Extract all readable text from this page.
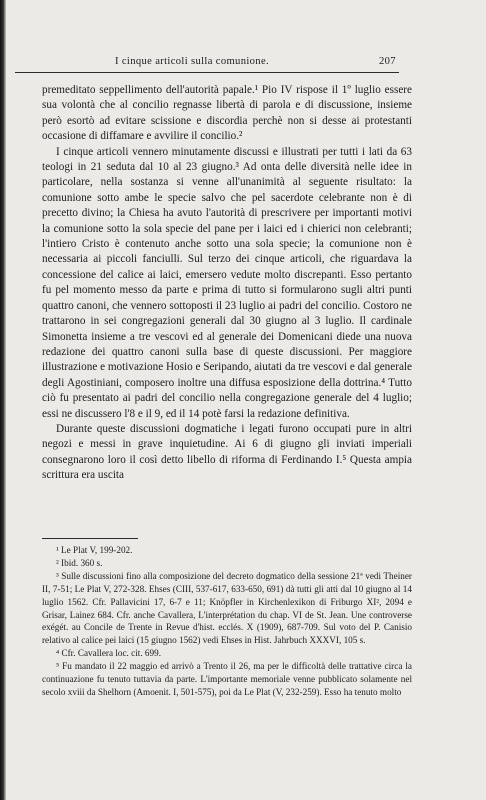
I cinque articoli sulla comunione.	207

premeditato seppellimento dell'autorità papale.¹ Pio IV rispose il 1º luglio essere sua volontà che al concilio regnasse libertà di parola e di discussione, insieme però esortò ad evitare scissione e discordia perchè non si desse ai protestanti occasione di diffamare e avvilire il concilio.²

I cinque articoli vennero minutamente discussi e illustrati per tutti i lati da 63 teologi in 21 seduta dal 10 al 23 giugno.³ Ad onta delle diversità nelle idee in particolare, nella sostanza si venne all'unanimità al seguente risultato: la comunione sotto ambe le specie salvo che pel sacerdote celebrante non è di precetto divino; la Chiesa ha avuto l'autorità di prescrivere per importanti motivi la comunione sotto la sola specie del pane per i laici ed i chierici non celebranti; l'intiero Cristo è contenuto anche sotto una sola specie; la comunione non è necessaria ai piccoli fanciulli. Sul terzo dei cinque articoli, che riguardava la concessione del calice ai laici, emersero vedute molto discrepanti. Esso pertanto fu pel momento messo da parte e prima di tutto si formularono sugli altri punti quattro canoni, che vennero sottoposti il 23 luglio ai padri del concilio. Costoro ne trattarono in sei congregazioni generali dal 30 giugno al 3 luglio. Il cardinale Simonetta insieme a tre vescovi ed al generale dei Domenicani diede una nuova redazione dei quattro canoni sulla base di queste discussioni. Per maggiore illustrazione e motivazione Hosio e Seripando, aiutati da tre vescovi e dal generale degli Agostiniani, composero inoltre una diffusa esposizione della dottrina.⁴ Tutto ciò fu presentato ai padri del concilio nella congregazione generale del 4 luglio; essi ne discussero l'8 e il 9, ed il 14 potè farsi la redazione definitiva.

Durante queste discussioni dogmatiche i legati furono occupati pure in altri negozi e messi in grave inquietudine. Ai 6 di giugno gli inviati imperiali consegnarono loro il così detto libello di riforma di Ferdinando I.⁵ Questa ampia scrittura era uscita

¹ Le Plat V, 199-202.

² Ibid. 360 s.

³ Sulle discussioni fino alla composizione del decreto dogmatico della sessione 21ª vedi Theiner II, 7-51; Le Plat V, 272-328. Ehses (CIII, 537-617, 633-650, 691) dà tutti gli atti dal 10 giugno al 14 luglio 1562. Cfr. Pallavicini 17, 6-7 e 11; Knöpfler in Kirchenlexikon di Friburgo XI², 2094 e Grisar, Lainez 684. Cfr. anche Cavallera, L'interprétation du chap. VI de St. Jean. Une controverse exégét. au Concile de Trente in Revue d'hist. ecclés. X (1909), 687-709. Sul voto del P. Canisio relativo al calice pei laici (15 giugno 1562) vedi Ehses in Hist. Jahrbuch XXXVI, 105 s.

⁴ Cfr. Cavallera loc. cit. 699.

⁵ Fu mandato il 22 maggio ed arrivò a Trento il 26, ma per le difficoltà delle trattative circa la continuazione fu tenuto tuttavia da parte. L'importante memoriale venne pubblicato solamente nel secolo xviii da Shelhorn (Amoenit. I, 501-575), poi da Le Plat (V, 232-259). Esso ha tenuto molto
